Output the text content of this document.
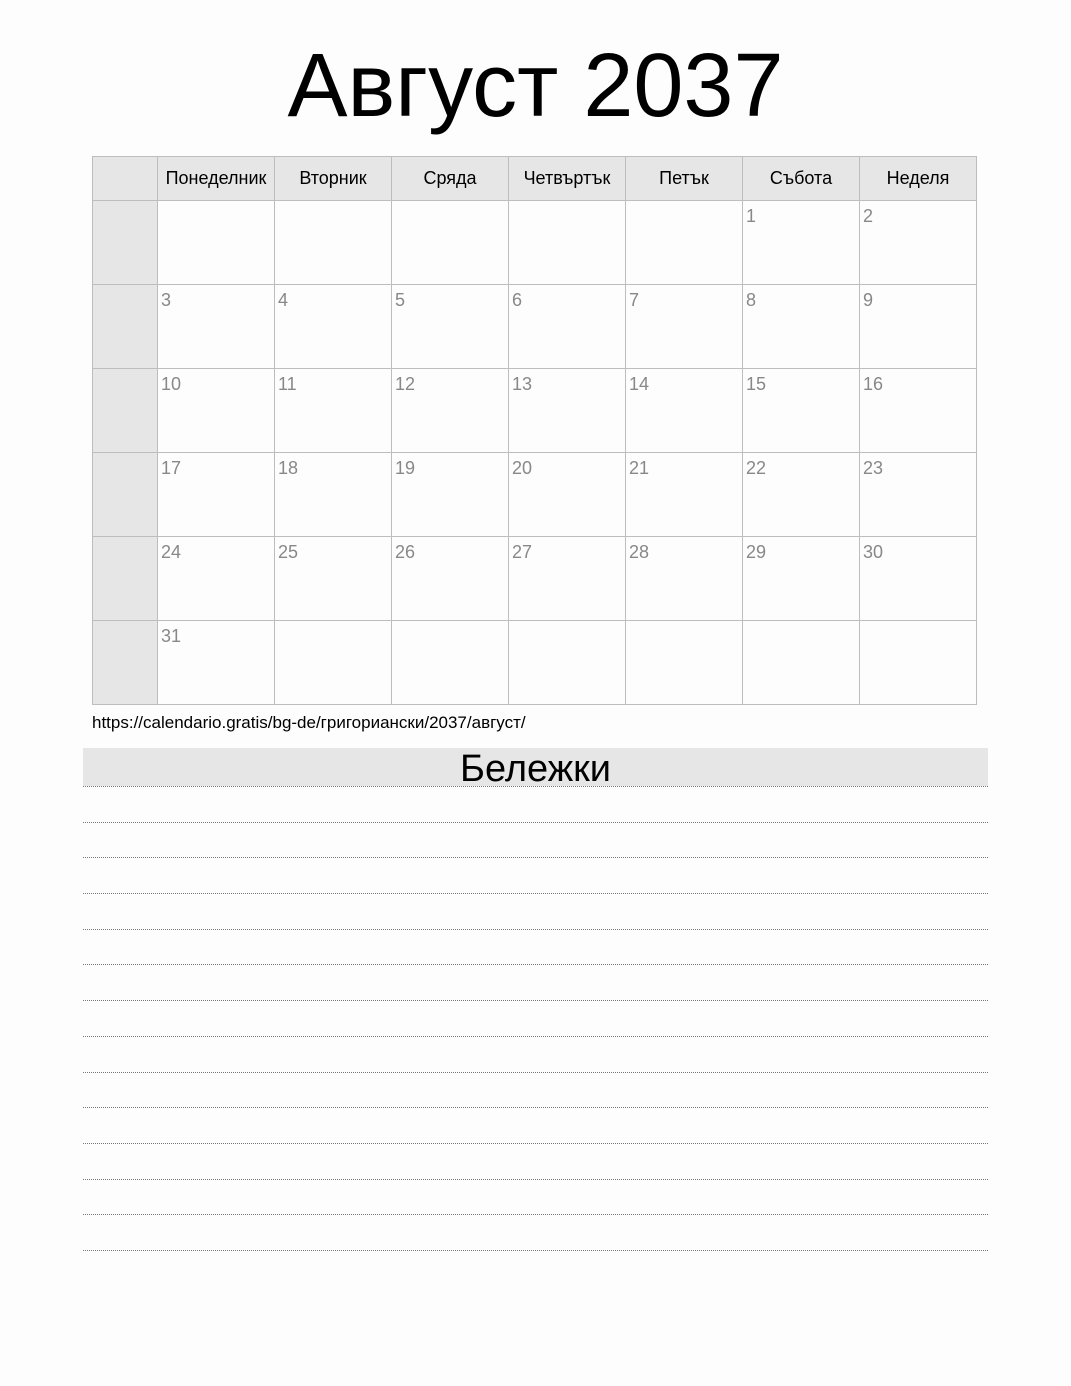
Август 2037
	Понеделник	Вторник	Сряда	Четвъртък	Петък	Събота	Неделя

						1	2

	3	4	5	6	7	8	9

	10	11	12	13	14	15	16

	17	18	19	20	21	22	23

	24	25	26	27	28	29	30

	31						

https://calendario.gratis/bg-de/григориански/2037/август/
Бележки
